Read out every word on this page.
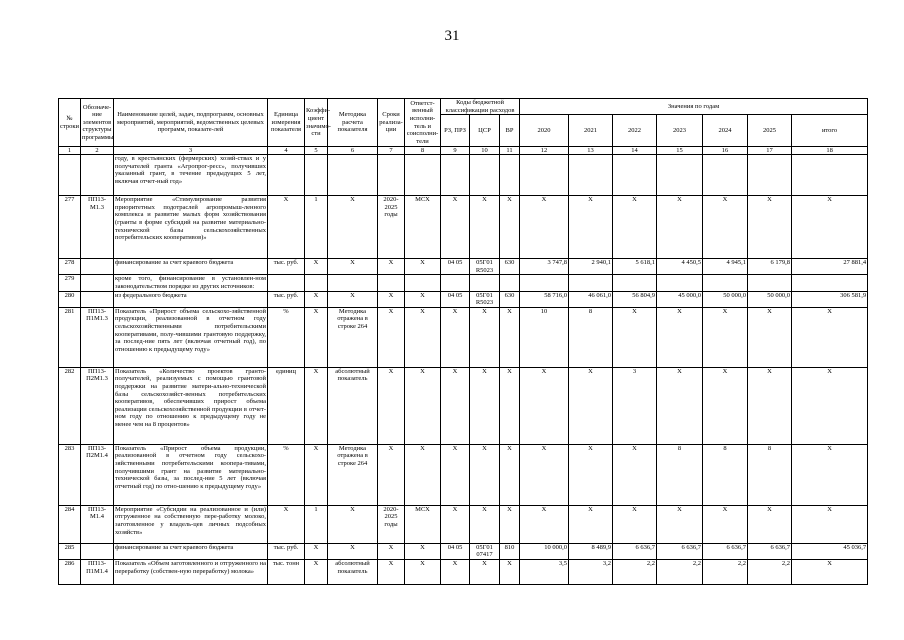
31
№ строки	Обозначе-ние элементов структуры программы	Наименование целей, задач, подпрограмм, основных мероприятий, мероприятий, ведомственных целевых программ, показате-лей	Единица измерения показателя	Коэффи-циент значимо-сти	Методика расчета показателя	Сроки реализа-ции	Ответст-венный исполни-тель и соисполни-тели	Коды бюджетной классификации расходов			Значения по годам						
								РЗ, ПРЗ	ЦСР	ВР	2020	2021	2022	2023	2024	2025	итого
1	2	3	4	5	6	7	8	9	10	11	12	13	14	15	16	17	18
		году, в крестьянских (фермерских) хозяй-ствах и у получателей гранта «Агропрог-ресс», получивших указанный грант, в течение предыдущих 5 лет, включая отчет-ный год»															
277	ПП13-М1.3	Мероприятие «Стимулирование развития приоритетных подотраслей агропромыш-ленного комплекса и развитие малых форм хозяйствования (гранты в форме субсидий на развитие материально-технической базы сельскохозяйственных потребительских кооперативов)»	Х	1	Х	2020-2025 годы	МСХ	Х	Х	Х	Х	Х	Х	Х	Х	Х	Х
278		финансирование за счет краевого бюджета	тыс. руб.	Х	Х	Х	Х	04 05	05Г01 R5023	630	3 747,8	2 940,1	5 618,1	4 450,5	4 945,1	6 179,8	27 881,4
279		кроме того, финансирование в установлен-ном законодательством порядке из других источников:															
280		из федерального бюджета	тыс. руб.	Х	Х	Х	Х	04 05	05Г01 R5023	630	58 716,0	46 061,0	56 804,9	45 000,0	50 000,0	50 000,0	306 581,9
281	ПП13-П1М1.3	Показатель «Прирост объема сельскохо-зяйственной продукции, реализованной в отчетном году сельскохозяйственными потребительскими кооперативами, полу-чившими грантовую поддержку, за послед-ние пять лет (включая отчетный год), по отношению к предыдущему году»	%	Х	Методика отражена в строке 264	Х	Х	Х	Х	Х	10	8	Х	Х	Х	Х	Х
282	ПП13-П2М1.3	Показатель «Количество проектов гранто-получателей, реализуемых с помощью грантовой поддержки на развитие матери-ально-технической базы сельскохозяйст-венных потребительских кооперативов, обеспечивших прирост объема реализации сельскохозяйственной продукции в отчет-ном году по отношению к предыдущему году не менее чем на 8 процентов»	единиц	Х	абсолютный показатель	Х	Х	Х	Х	Х	Х	Х	3	Х	Х	Х	Х
283	ПП13-П2М1.4	Показатель «Прирост объема продукции, реализованной в отчетном году сельскохо-зяйственными потребительскими коопера-тивами, получившими грант на развитие материально-технической базы, за послед-ние 5 лет (включая отчетный год) по отно-шению к предыдущему году»	%	Х	Методика отражена в строке 264	Х	Х	Х	Х	Х	Х	Х	Х	8	8	8	Х
284	ПП13-М1.4	Мероприятие «Субсидии на реализованное и (или) отгруженное на собственную пере-работку молоко, заготовленное у владель-цев личных подсобных хозяйств»	Х	1	Х	2020-2025 годы	МСХ	Х	Х	Х	Х	Х	Х	Х	Х	Х	Х
285		финансирование за счет краевого бюджета	тыс. руб.	Х	Х	Х	Х	04 05	05Г01 07417	810	10 000,0	8 489,9	6 636,7	6 636,7	6 636,7	6 636,7	45 036,7
286	ПП13-П1М1.4	Показатель «Объем заготовленного и отгруженного на переработку (собствен-ную переработку) молока»	тыс. тонн	Х	абсолютный показатель	Х	Х	Х	Х	Х	3,5	3,2	2,2	2,2	2,2	2,2	Х
